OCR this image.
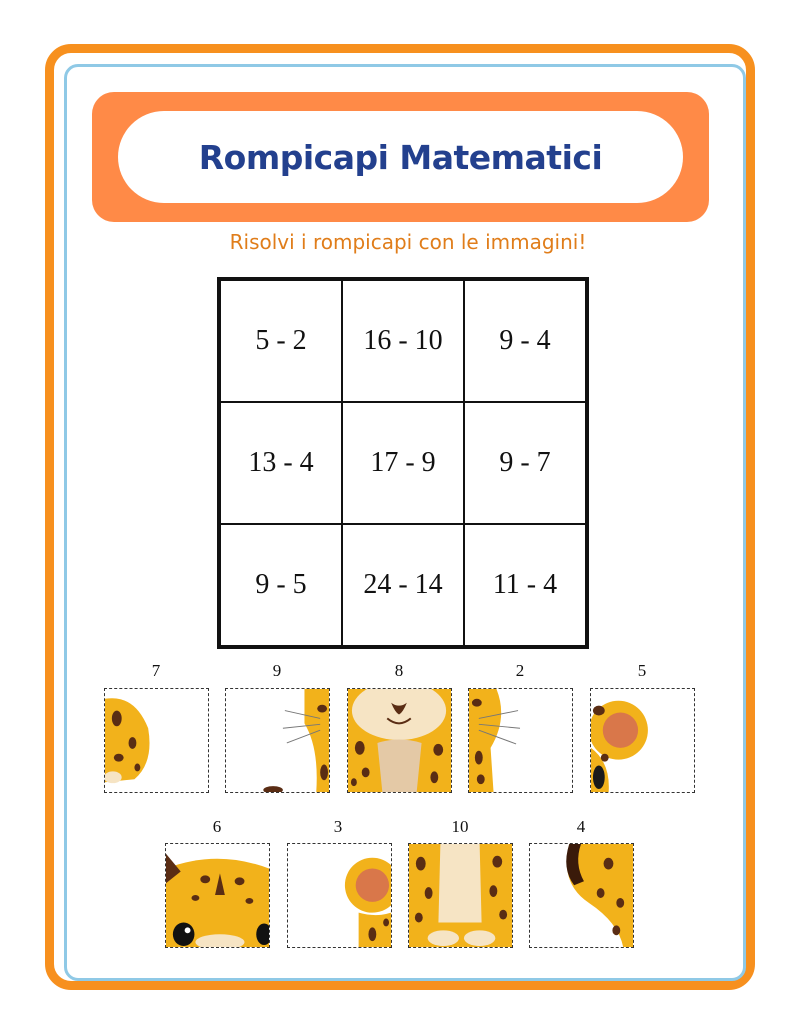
Rompicapi Matematici
Risolvi i rompicapi con le immagini!
5 - 2	16 - 10	9 - 4
13 - 4	17 - 9	9 - 7
9 - 5	24 - 14	11 - 4
7	9	8	2	5
6	3	10	4
